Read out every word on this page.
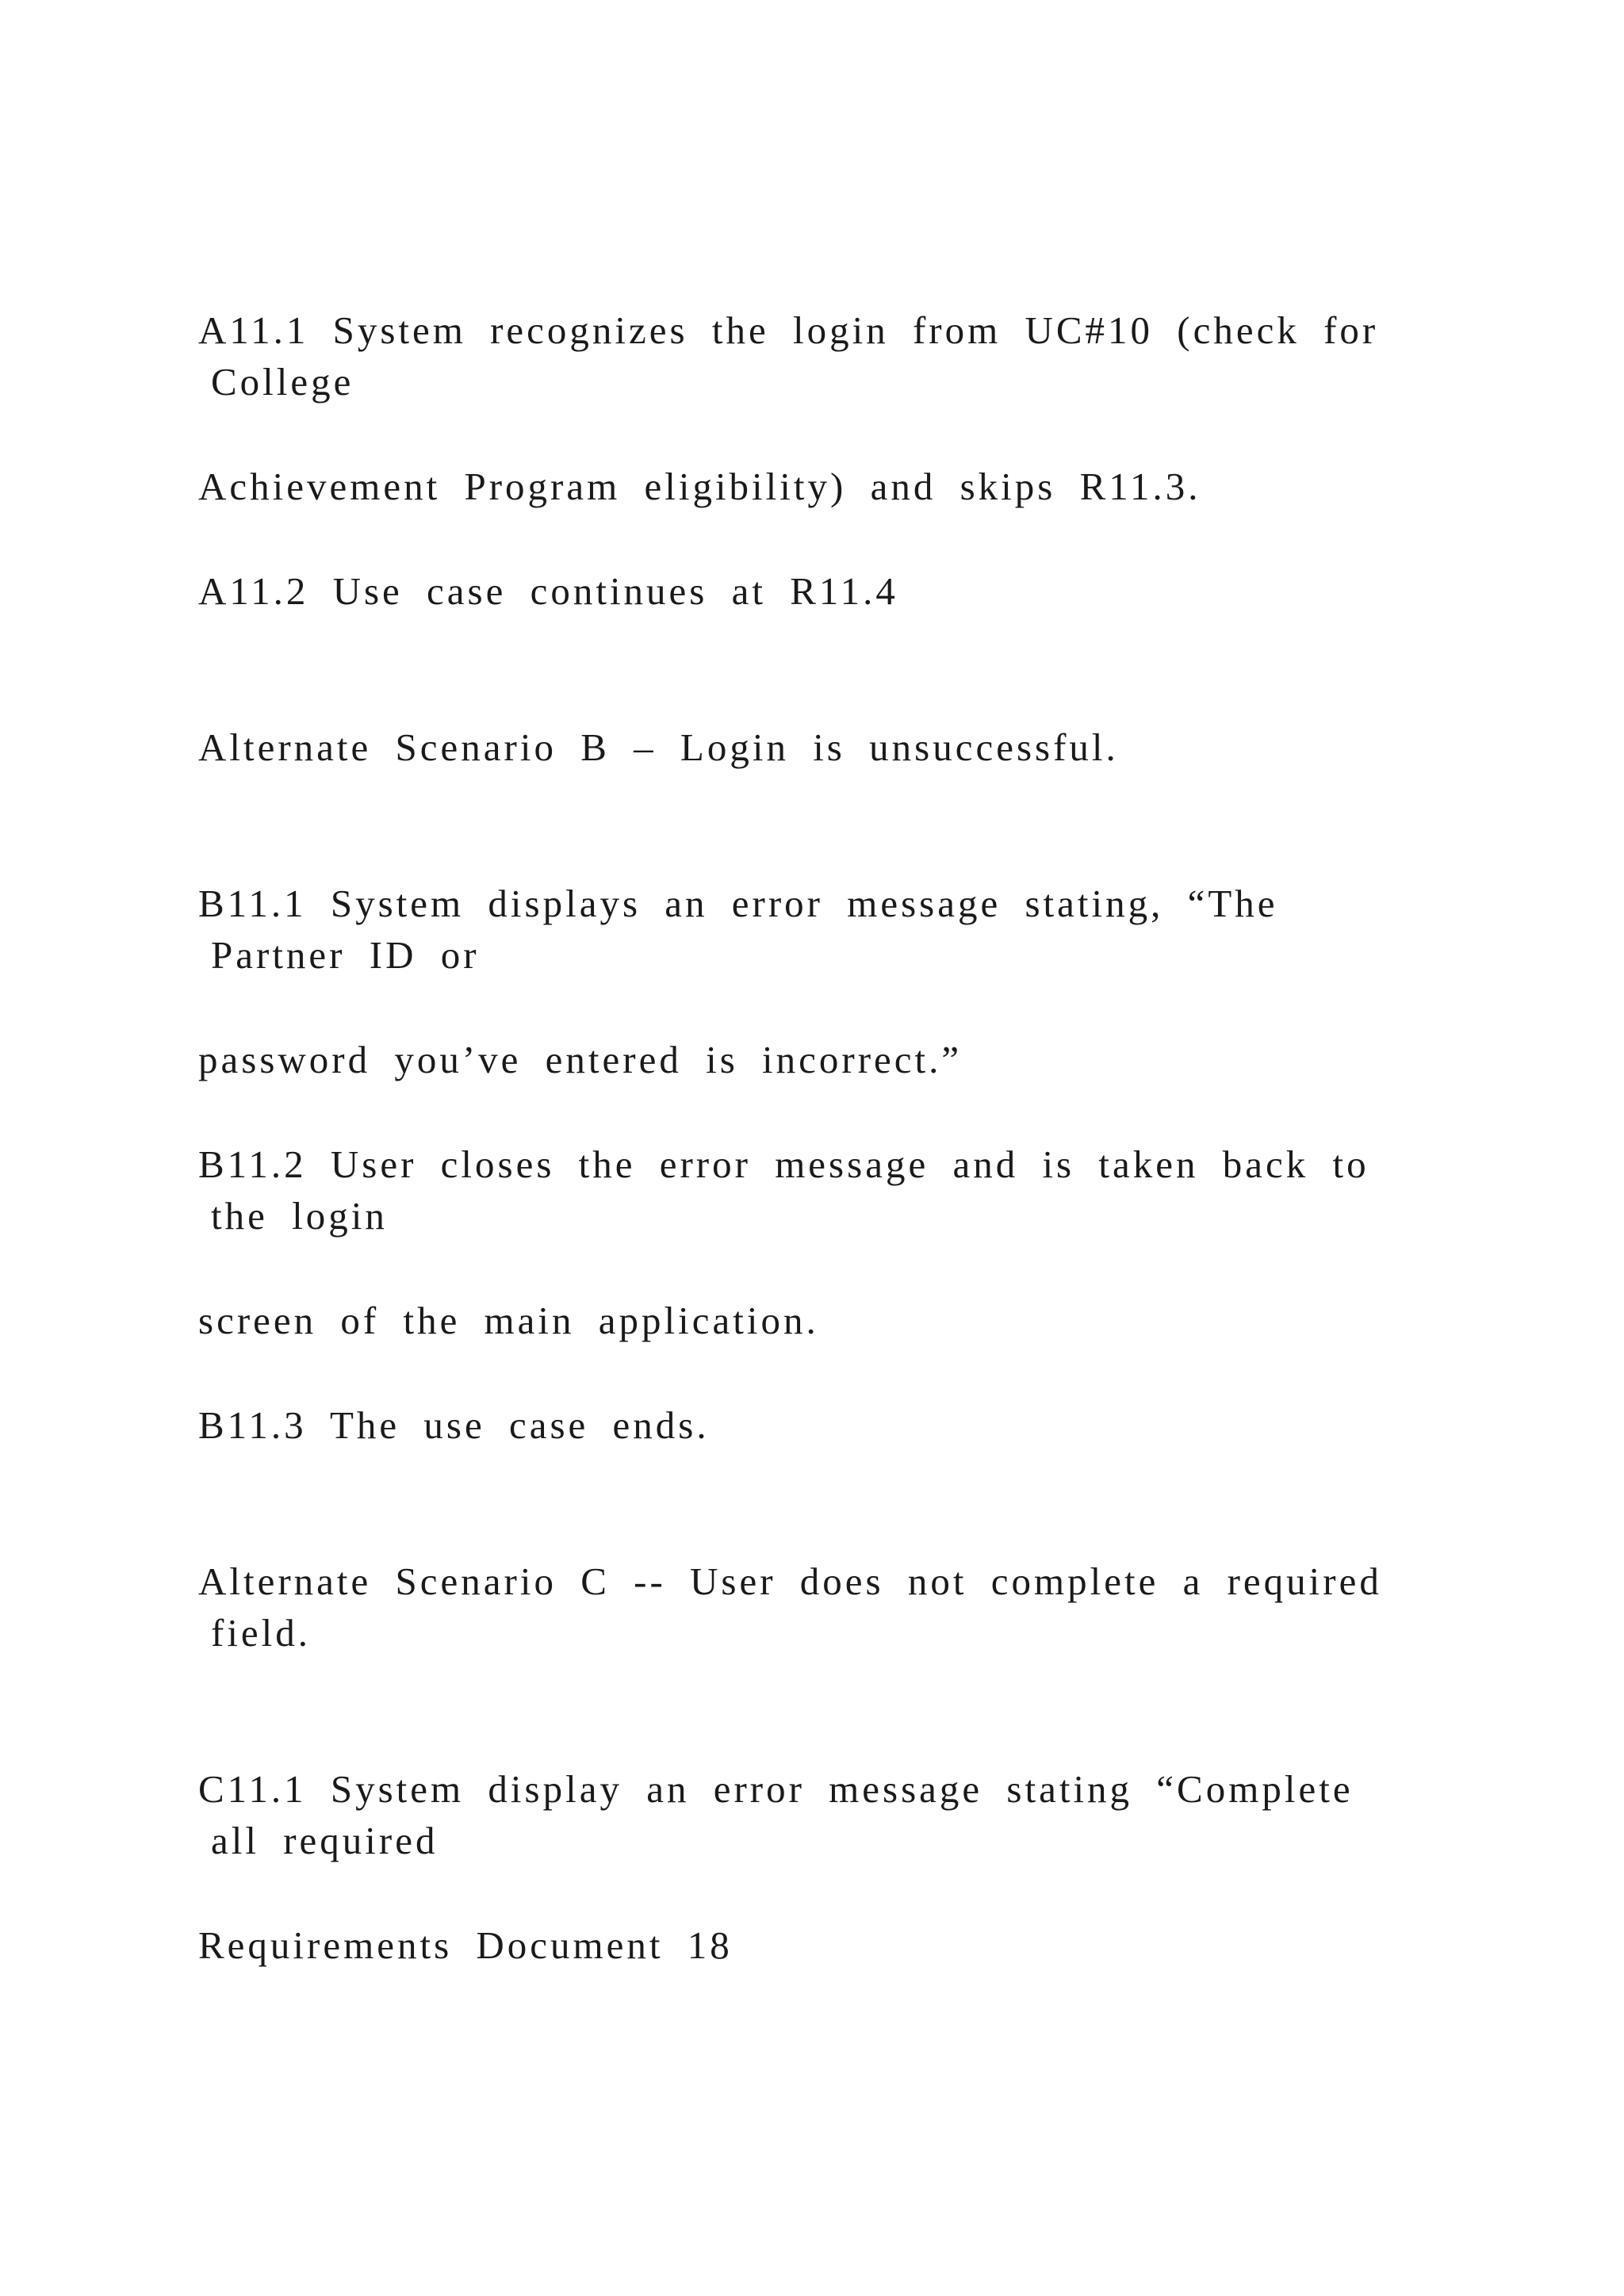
A11.1 System recognizes the login from UC#10 (check for

College

Achievement Program eligibility) and skips R11.3.

A11.2 Use case continues at R11.4

Alternate Scenario B – Login is unsuccessful.

B11.1 System displays an error message stating, “The

Partner ID or

password you’ve entered is incorrect.”

B11.2 User closes the error message and is taken back to

the login

screen of the main application.

B11.3 The use case ends.

Alternate Scenario C -- User does not complete a required

field.

C11.1 System display an error message stating “Complete

all required

Requirements Document 18
